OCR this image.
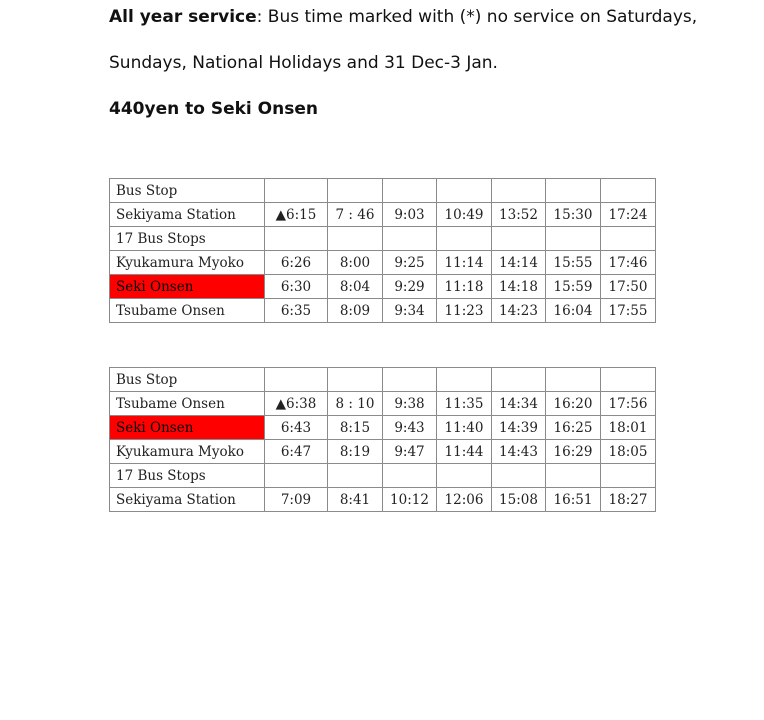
All year service: Bus time marked with (*) no service on Saturdays,

Sundays, National Holidays and 31 Dec-3 Jan.

440yen to Seki Onsen

Bus Stop							
Sekiyama Station	▲6:15	7 : 46	9:03	10:49	13:52	15:30	17:24
17 Bus Stops							
Kyukamura Myoko	6:26	8:00	9:25	11:14	14:14	15:55	17:46
Seki Onsen	6:30	8:04	9:29	11:18	14:18	15:59	17:50
Tsubame Onsen	6:35	8:09	9:34	11:23	14:23	16:04	17:55
Bus Stop							
Tsubame Onsen	▲6:38	8 : 10	9:38	11:35	14:34	16:20	17:56
Seki Onsen	6:43	8:15	9:43	11:40	14:39	16:25	18:01
Kyukamura Myoko	6:47	8:19	9:47	11:44	14:43	16:29	18:05
17 Bus Stops							
Sekiyama Station	7:09	8:41	10:12	12:06	15:08	16:51	18:27
